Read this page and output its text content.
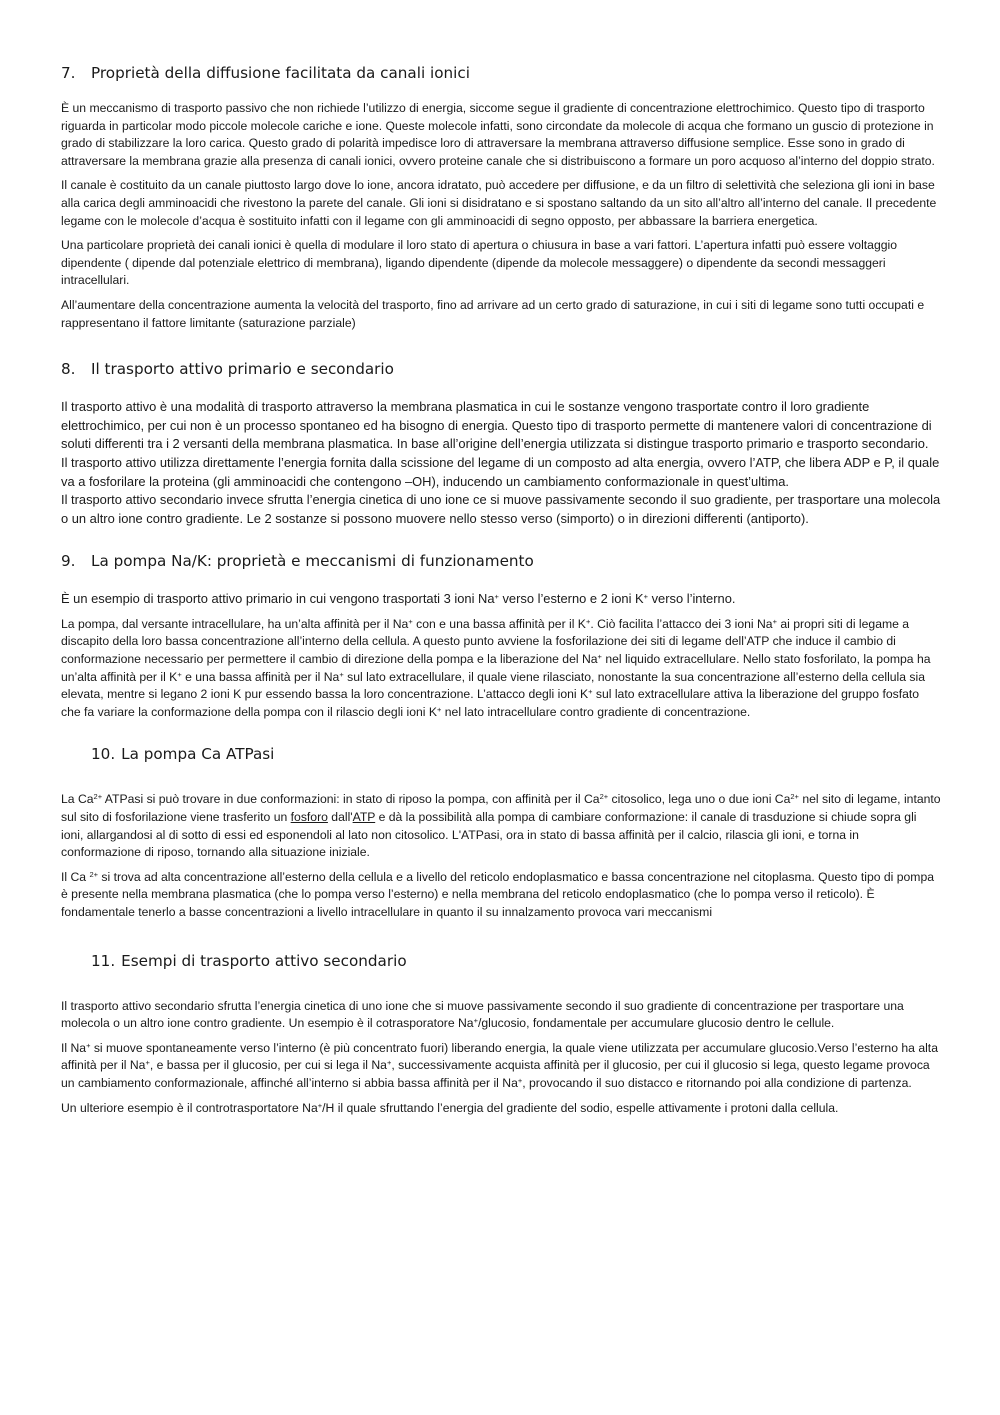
7. Proprietà della diffusione facilitata da canali ionici

È un meccanismo di trasporto passivo che non richiede l’utilizzo di energia, siccome segue il gradiente di concentrazione elettrochimico. Questo tipo di trasporto riguarda in particolar modo piccole molecole cariche e ione. Queste molecole infatti, sono circondate da molecole di acqua che formano un guscio di protezione in grado di stabilizzare la loro carica. Questo grado di polarità impedisce loro di attraversare la membrana attraverso diffusione semplice. Esse sono in grado di attraversare la membrana grazie alla presenza di canali ionici, ovvero proteine canale che si distribuiscono a formare un poro acquoso al’interno del doppio strato.

Il canale è costituito da un canale piuttosto largo dove lo ione, ancora idratato, può accedere per diffusione, e da un filtro di selettività che seleziona gli ioni in base alla carica degli amminoacidi che rivestono la parete del canale. Gli ioni si disidratano e si spostano saltando da un sito all’altro all’interno del canale. Il precedente legame con le molecole d’acqua è sostituito infatti con il legame con gli amminoacidi di segno opposto, per abbassare la barriera energetica.

Una particolare proprietà dei canali ionici è quella di modulare il loro stato di apertura o chiusura in base a vari fattori. L’apertura infatti può essere voltaggio dipendente ( dipende dal potenziale elettrico di membrana), ligando dipendente (dipende da molecole messaggere) o dipendente da secondi messaggeri intracellulari.

All’aumentare della concentrazione aumenta la velocità del trasporto, fino ad arrivare ad un certo grado di saturazione, in cui i siti di legame sono tutti occupati e rappresentano il fattore limitante (saturazione parziale)

8. Il trasporto attivo primario e secondario

Il trasporto attivo è una modalità di trasporto attraverso la membrana plasmatica in cui le sostanze vengono trasportate contro il loro gradiente elettrochimico, per cui non è un processo spontaneo ed ha bisogno di energia. Questo tipo di trasporto permette di mantenere valori di concentrazione di soluti differenti tra i 2 versanti della membrana plasmatica. In base all’origine dell’energia utilizzata si distingue trasporto primario e trasporto secondario.
Il trasporto attivo utilizza direttamente l’energia fornita dalla scissione del legame di un composto ad alta energia, ovvero l’ATP, che libera ADP e P, il quale va a fosforilare la proteina (gli amminoacidi che contengono –OH), inducendo un cambiamento conformazionale in quest’ultima.
Il trasporto attivo secondario invece sfrutta l’energia cinetica di uno ione ce si muove passivamente secondo il suo gradiente, per trasportare una molecola o un altro ione contro gradiente. Le 2 sostanze si possono muovere nello stesso verso (simporto) o in direzioni differenti (antiporto).

9. La pompa Na/K: proprietà e meccanismi di funzionamento

È un esempio di trasporto attivo primario in cui vengono trasportati 3 ioni Na+ verso l’esterno e 2 ioni K+ verso l’interno.

La pompa, dal versante intracellulare, ha un’alta affinità per il Na+ con e una bassa affinità per il K+. Ciò facilita l’attacco dei 3 ioni Na+ ai propri siti di legame a discapito della loro bassa concentrazione all’interno della cellula. A questo punto avviene la fosforilazione dei siti di legame dell’ATP che induce il cambio di conformazione necessario per permettere il cambio di direzione della pompa e la liberazione del Na+ nel liquido extracellulare. Nello stato fosforilato, la pompa ha un’alta affinità per il K+ e una bassa affinità per il Na+ sul lato extracellulare, il quale viene rilasciato, nonostante la sua concentrazione all’esterno della cellula sia elevata, mentre si legano 2 ioni K pur essendo bassa la loro concentrazione. L’attacco degli ioni K+ sul lato extracellulare attiva la liberazione del gruppo fosfato che fa variare la conformazione della pompa con il rilascio degli ioni K+ nel lato intracellulare contro gradiente di concentrazione.

10. La pompa Ca ATPasi

La $Ca^{2+}$ ATPasi si può trovare in due conformazioni: in stato di riposo la pompa, con affinità per il $Ca^{2+}$ citosolico, lega uno o due ioni $Ca^{2+}$ nel sito di legame, intanto sul sito di fosforilazione viene trasferito un fosforo dall'ATP e dà la possibilità alla pompa di cambiare conformazione: il canale di trasduzione si chiude sopra gli ioni, allargandosi al di sotto di essi ed esponendoli al lato non citosolico. L'ATPasi, ora in stato di bassa affinità per il calcio, rilascia gli ioni, e torna in conformazione di riposo, tornando alla situazione iniziale.

Il Ca $^{2+}$ si trova ad alta concentrazione all’esterno della cellula e a livello del reticolo endoplasmatico e bassa concentrazione nel citoplasma. Questo tipo di pompa è presente nella membrana plasmatica (che lo pompa verso l’esterno) e nella membrana del reticolo endoplasmatico (che lo pompa verso il reticolo). È fondamentale tenerlo a basse concentrazioni a livello intracellulare in quanto il su innalzamento provoca vari meccanismi

11. Esempi di trasporto attivo secondario

Il trasporto attivo secondario sfrutta l’energia cinetica di uno ione che si muove passivamente secondo il suo gradiente di concentrazione per trasportare una molecola o un altro ione contro gradiente. Un esempio è il cotrasporatore Na+/glucosio, fondamentale per accumulare glucosio dentro le cellule.

Il Na+ si muove spontaneamente verso l’interno (è più concentrato fuori) liberando energia, la quale viene utilizzata per accumulare glucosio.Verso l’esterno ha alta affinità per il Na+, e bassa per il glucosio, per cui si lega il Na+, successivamente acquista affinità per il glucosio, per cui il glucosio si lega, questo legame provoca un cambiamento conformazionale, affinché all’interno si abbia bassa affinità per il Na+, provocando il suo distacco e ritornando poi alla condizione di partenza.

Un ulteriore esempio è il controtrasportatore Na+/H il quale sfruttando l’energia del gradiente del sodio, espelle attivamente i protoni dalla cellula.
